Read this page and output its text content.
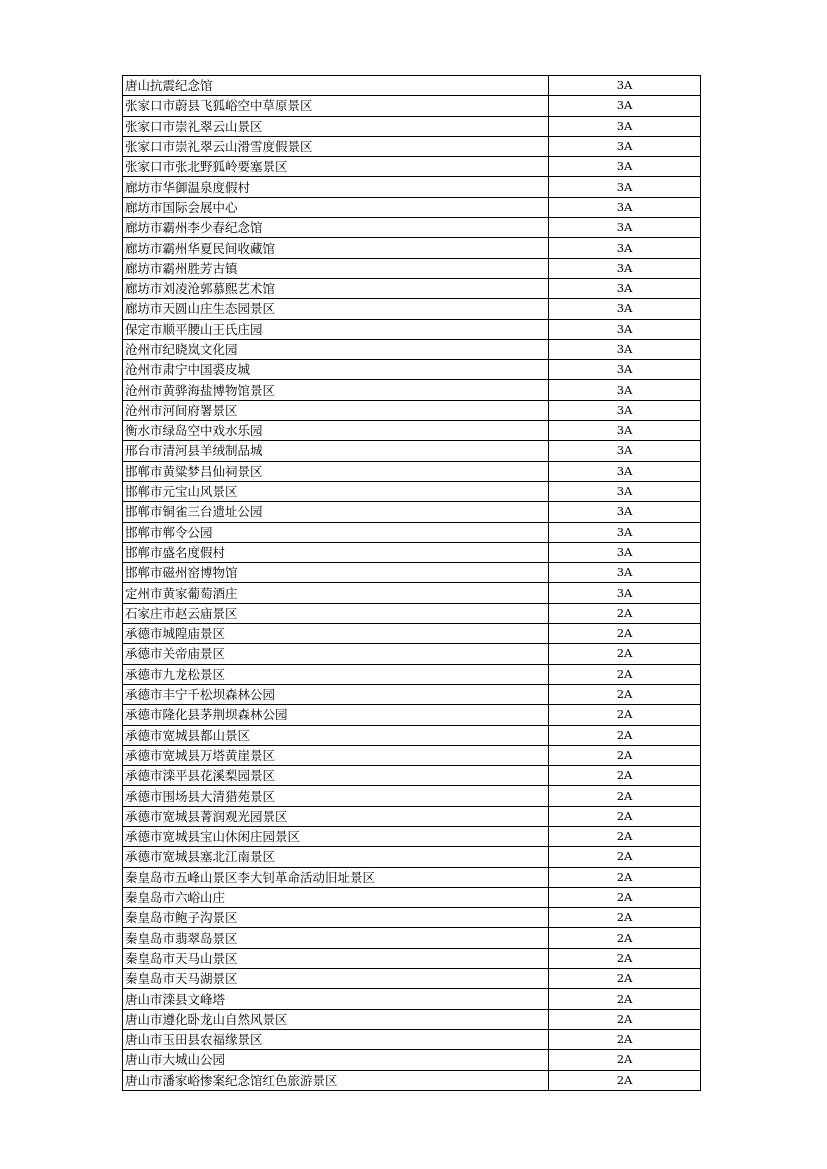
唐山抗震纪念馆	3A
张家口市蔚县飞狐峪空中草原景区	3A
张家口市崇礼翠云山景区	3A
张家口市崇礼翠云山滑雪度假景区	3A
张家口市张北野狐岭要塞景区	3A
廊坊市华御温泉度假村	3A
廊坊市国际会展中心	3A
廊坊市霸州李少春纪念馆	3A
廊坊市霸州华夏民间收藏馆	3A
廊坊市霸州胜芳古镇	3A
廊坊市刘凌沧郭慕熙艺术馆	3A
廊坊市天圆山庄生态园景区	3A
保定市顺平腰山王氏庄园	3A
沧州市纪晓岚文化园	3A
沧州市肃宁中国裘皮城	3A
沧州市黄骅海盐博物馆景区	3A
沧州市河间府署景区	3A
衡水市绿岛空中戏水乐园	3A
邢台市清河县羊绒制品城	3A
邯郸市黄粱梦吕仙祠景区	3A
邯郸市元宝山风景区	3A
邯郸市铜雀三台遗址公园	3A
邯郸市郸令公园	3A
邯郸市盛名度假村	3A
邯郸市磁州窑博物馆	3A
定州市黄家葡萄酒庄	3A
石家庄市赵云庙景区	2A
承德市城隍庙景区	2A
承德市关帝庙景区	2A
承德市九龙松景区	2A
承德市丰宁千松坝森林公园	2A
承德市隆化县茅荆坝森林公园	2A
承德市宽城县都山景区	2A
承德市宽城县万塔黄崖景区	2A
承德市滦平县花溪梨园景区	2A
承德市围场县大清猎苑景区	2A
承德市宽城县菁润观光园景区	2A
承德市宽城县宝山休闲庄园景区	2A
承德市宽城县塞北江南景区	2A
秦皇岛市五峰山景区李大钊革命活动旧址景区	2A
秦皇岛市六峪山庄	2A
秦皇岛市鲍子沟景区	2A
秦皇岛市翡翠岛景区	2A
秦皇岛市天马山景区	2A
秦皇岛市天马湖景区	2A
唐山市滦县文峰塔	2A
唐山市遵化卧龙山自然风景区	2A
唐山市玉田县农福缘景区	2A
唐山市大城山公园	2A
唐山市潘家峪惨案纪念馆红色旅游景区	2A
